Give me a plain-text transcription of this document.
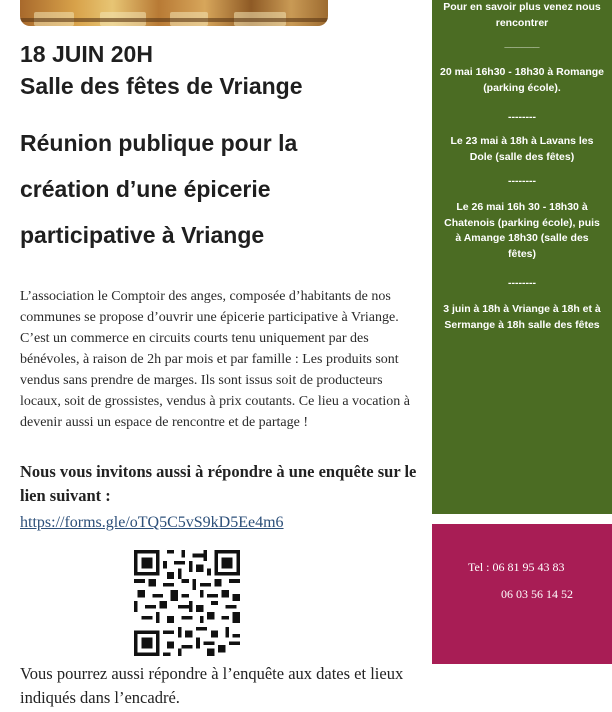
18 JUIN 20H
Salle des fêtes de Vriange
Réunion publique pour la
création d’une épicerie
participative à Vriange

L’association le Comptoir des anges, composée d’habitants de nos communes se propose d’ouvrir une épicerie participative à Vriange. C’est un commerce en circuits courts tenu uniquement par des bénévoles, à raison de 2h par mois et par famille : Les produits sont vendus sans prendre de marges. Ils sont issus soit de producteurs locaux, soit de grossistes, vendus à prix coutants. Ce lieu a vocation à devenir aussi un espace de rencontre et de partage !

Nous vous invitons aussi à répondre à une enquête sur le lien suivant :

https://forms.gle/oTQ5C5vS9kD5Ee4m6

Vous pourrez aussi répondre à l’enquête aux dates et lieux indiqués dans l’encadré.

Pour en savoir plus venez nous rencontrer

______

20 mai 16h30 - 18h30 à Romange (parking école).

--------

Le 23 mai à 18h à Lavans les Dole (salle des fêtes)

--------

Le 26 mai 16h 30 - 18h30 à Chatenois (parking école), puis à Amange 18h30 (salle des fêtes)

--------

3 juin à 18h à Vriange à 18h et à Sermange à 18h salle des fêtes

Tel : 06 81 95 43 83
06 03 56 14 52
